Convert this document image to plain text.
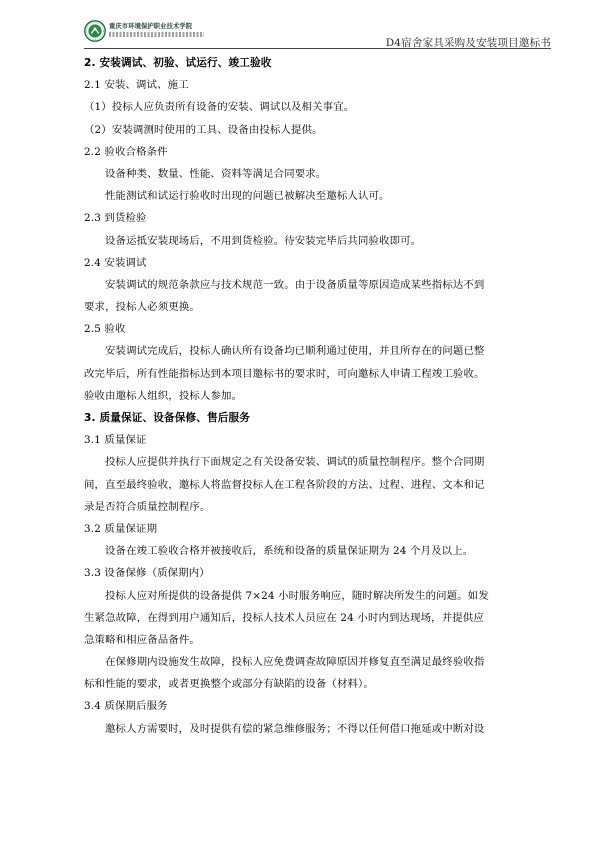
重庆市环境保护职业技术学院
D4宿舍家具采购及安装项目邀标书
2. 安装调试、初验、试运行、竣工验收
2.1 安装、调试、施工
（1）投标人应负责所有设备的安装、调试以及相关事宜。
（2）安装调测时使用的工具、设备由投标人提供。
2.2 验收合格条件
设备种类、数量、性能、资料等满足合同要求。
性能测试和试运行验收时出现的问题已被解决至邀标人认可。
2.3 到货检验
设备运抵安装现场后，不用到货检验。待安装完毕后共同验收即可。
2.4 安装调试
安装调试的规范条款应与技术规范一致。由于设备质量等原因造成某些指标达不到
要求，投标人必须更换。
2.5 验收
安装调试完成后，投标人确认所有设备均已顺利通过使用，并且所存在的问题已整
改完毕后，所有性能指标达到本项目邀标书的要求时，可向邀标人申请工程竣工验收。
验收由邀标人组织，投标人参加。
3. 质量保证、设备保修、售后服务
3.1 质量保证
投标人应提供并执行下面规定之有关设备安装、调试的质量控制程序。整个合同期
间，直至最终验收，邀标人将监督投标人在工程各阶段的方法、过程、进程、文本和记
录是否符合质量控制程序。
3.2 质量保证期
设备在竣工验收合格并被接收后，系统和设备的质量保证期为 24 个月及以上。
3.3 设备保修（质保期内）
投标人应对所提供的设备提供 7×24 小时服务响应，随时解决所发生的问题。如发
生紧急故障，在得到用户通知后，投标人技术人员应在 24 小时内到达现场，并提供应
急策略和相应备品备件。
在保修期内设施发生故障，投标人应免费调查故障原因并修复直至满足最终验收指
标和性能的要求，或者更换整个或部分有缺陷的设备（材料）。
3.4 质保期后服务
邀标人方需要时，及时提供有偿的紧急维修服务；不得以任何借口拖延或中断对设
